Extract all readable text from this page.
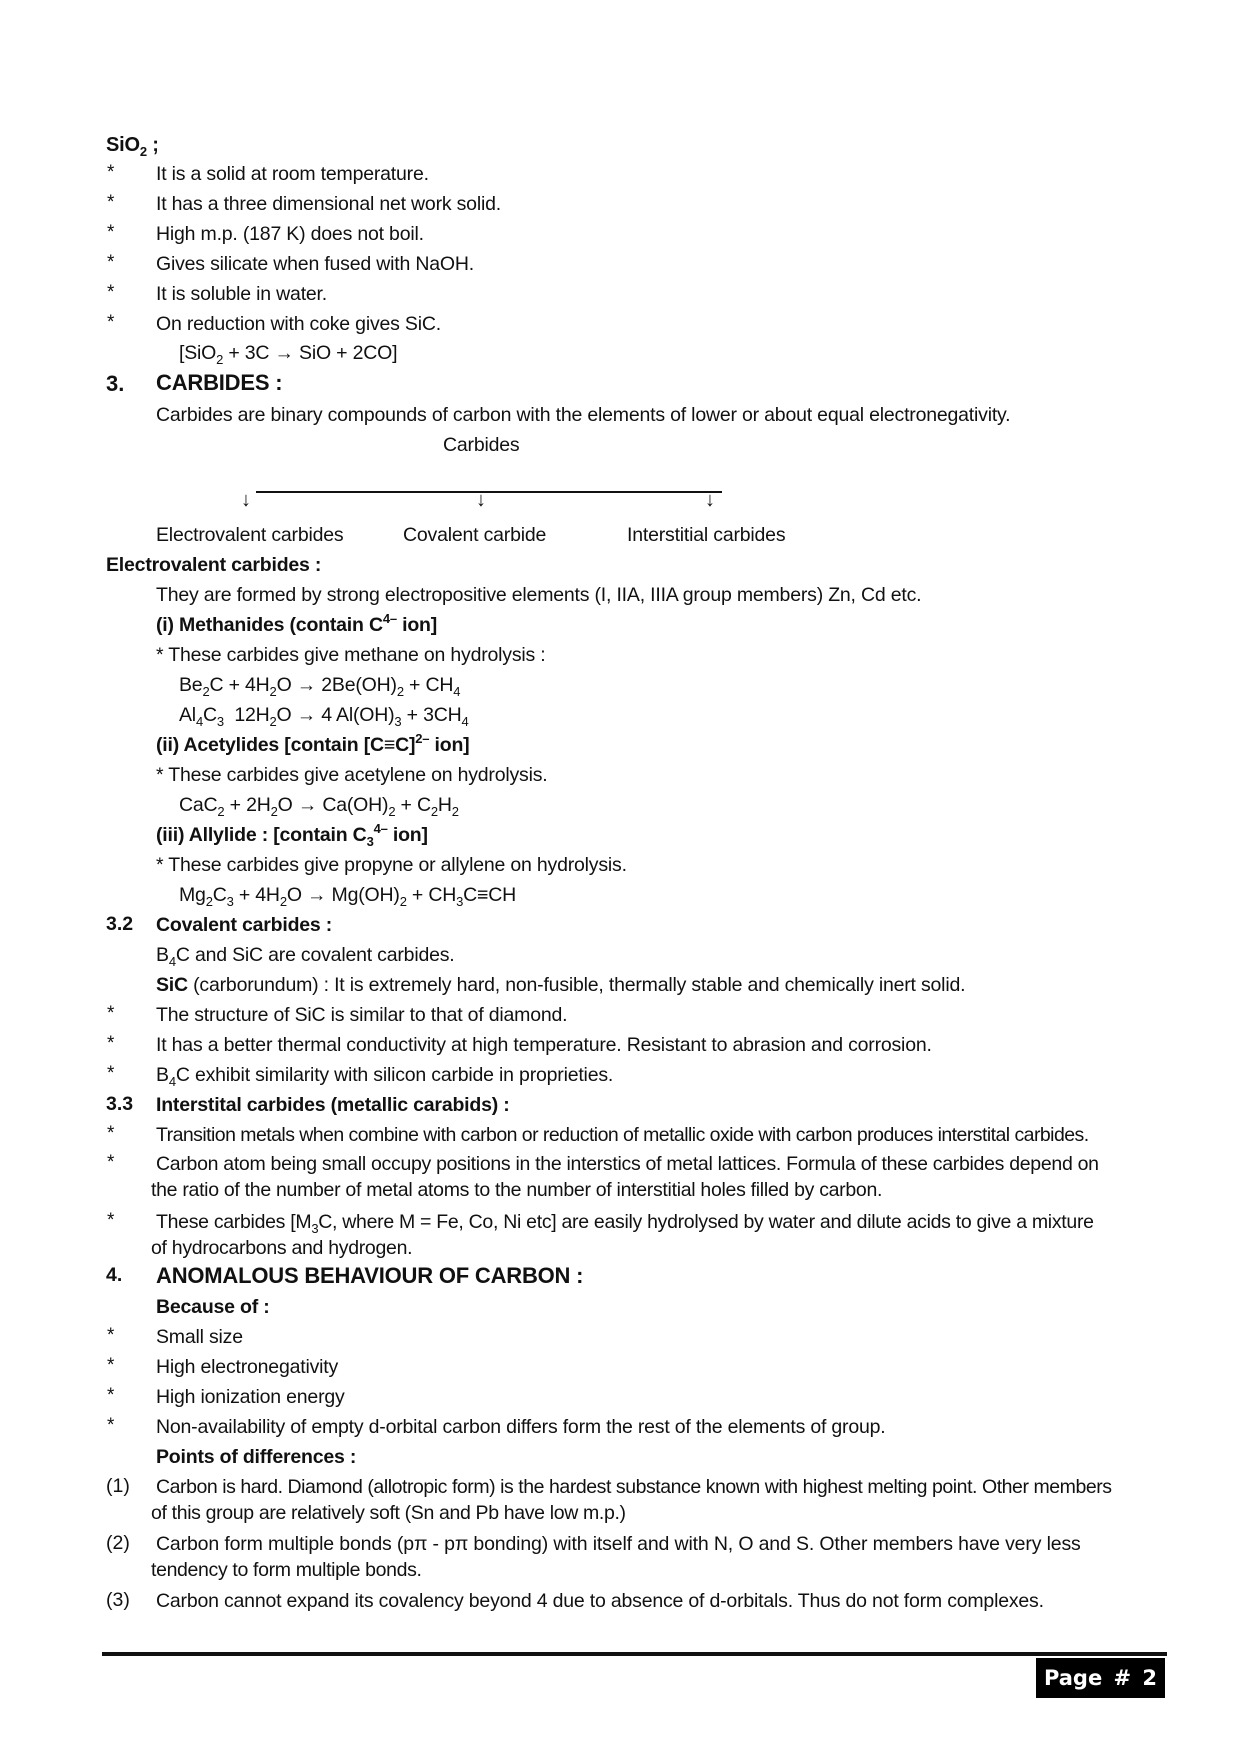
SiO$_2$ ;
* It is a solid at room temperature.
* It has a three dimensional net work solid.
* High m.p. (187 K) does not boil.
* Gives silicate when fused with NaOH.
* It is soluble in water.
* On reduction with coke gives SiC.
[SiO$_2$ + 3C → SiO + 2CO]
3. CARBIDES :
Carbides are binary compounds of carbon with the elements of lower or about equal electronegativity.
Carbides
↓	↓	↓
Electrovalent carbides	Covalent carbide	Interstitial carbides
Electrovalent carbides :
They are formed by strong electropositive elements (I, IIA, IIIA group members) Zn, Cd etc.
(i) Methanides (contain $C^{4-}$ ion]
* These carbides give methane on hydrolysis :
$Be_2C + 4H_2O \to 2Be(OH)_2 + CH_4$
$Al_4C_3$  $12H_2O \to 4$ $Al(OH)_3 + 3CH_4$
(ii) Acetylides [contain $[C\equiv C]^{2-}$ ion]
* These carbides give acetylene on hydrolysis.
$CaC_2 + 2H_2O \to Ca(OH)_2 + C_2H_2$
(iii) Allylide : [contain $C_3^{4-}$ ion]
* These carbides give propyne or allylene on hydrolysis.
$Mg_2C_3 + 4H_2O \to Mg(OH)_2 + CH_3C\equiv CH$
3.2 Covalent carbides :
$B_4C$ and SiC are covalent carbides.
SiC (carborundum) : It is extremely hard, non-fusible, thermally stable and chemically inert solid.
* The structure of SiC is similar to that of diamond.
* It has a better thermal conductivity at high temperature. Resistant to abrasion and corrosion.
* $B_4C$ exhibit similarity with silicon carbide in proprieties.
3.3 Interstital carbides (metallic carabids) :
* Transition metals when combine with carbon or reduction of metallic oxide with carbon produces interstital carbides.
* Carbon atom being small occupy positions in the interstics of metal lattices. Formula of these carbides depend on
the ratio of the number of metal atoms to the number of interstitial holes filled by carbon.
* These carbides [$M_3C$, where M = Fe, Co, Ni etc] are easily hydrolysed by water and dilute acids to give a mixture
of hydrocarbons and hydrogen.
4. ANOMALOUS BEHAVIOUR OF CARBON :
Because of :
* Small size
* High electronegativity
* High ionization energy
* Non-availability of empty d-orbital carbon differs form the rest of the elements of group.
Points of differences :
(1) Carbon is hard. Diamond (allotropic form) is the hardest substance known with highest melting point. Other members
of this group are relatively soft (Sn and Pb have low m.p.)
(2) Carbon form multiple bonds (pπ - pπ bonding) with itself and with N, O and S. Other members have very less
tendency to form multiple bonds.
(3) Carbon cannot expand its covalency beyond 4 due to absence of d-orbitals. Thus do not form complexes.
Page # 2
